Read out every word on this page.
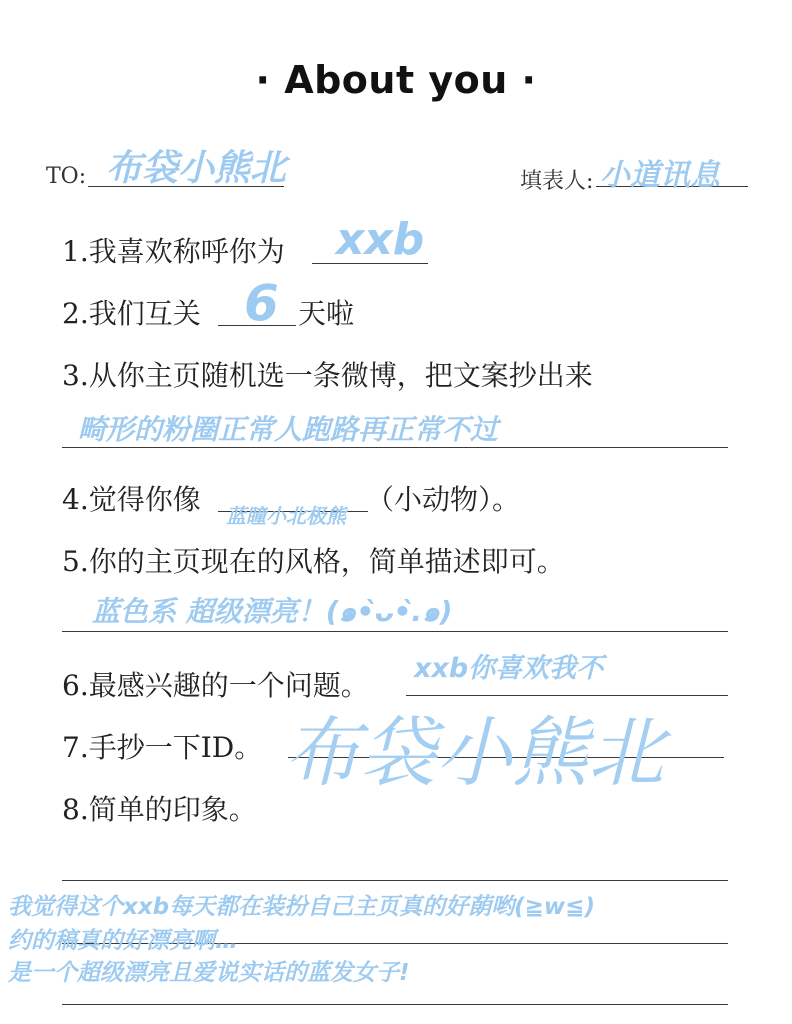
· About you ·
TO: 布袋小熊北	填表人: 小道讯息
1.我喜欢称呼你为 xxb
2.我们互关	天啦
6
3.从你主页随机选一条微博，把文案抄出来
畸形的粉圈正常人跑路再正常不过
4.觉得你像	（小动物）。
蓝瞳小北极熊
5.你的主页现在的风格，简单描述即可。
蓝色系 超级漂亮！(๑•̀ᴗ•̀.๑)
6.最感兴趣的一个问题。
xxb你喜欢我不
7.手抄一下ID。 布袋小熊北
8.简单的印象。
我觉得这个xxb每天都在装扮自己主页真的好蓢哟(≧w≦)
约的稿真的好漂亮啊…
是一个超级漂亮且爱说实话的蓝发女子!
